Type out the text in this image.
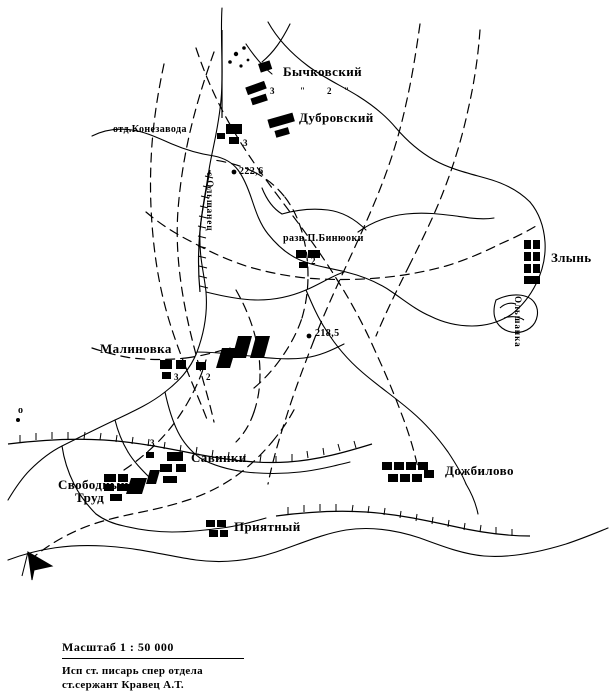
Бычковский
Дубровский
отд.Конезавода
разв.П.Бинюоки
Злынь
Малиновка
Савинки
Дожбилово
Свободный
Труд
Приятный
222,6
218,5
с.Ольшанец
Ольшанка
о
3	2
3
2
3	2
3
2
"	"
Масштаб 1 : 50 000
Исп ст. писарь спер отдела
ст.сержант Кравец А.Т.
